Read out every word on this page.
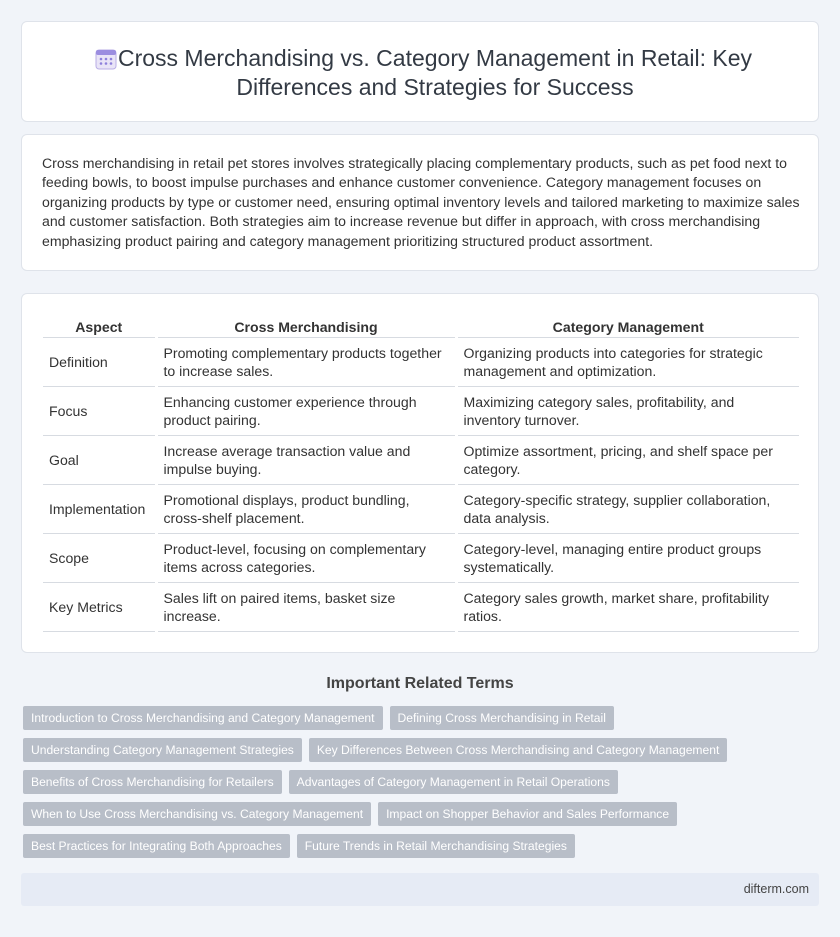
Cross Merchandising vs. Category Management in Retail: Key Differences and Strategies for Success

Cross merchandising in retail pet stores involves strategically placing complementary products, such as pet food next to feeding bowls, to boost impulse purchases and enhance customer convenience. Category management focuses on organizing products by type or customer need, ensuring optimal inventory levels and tailored marketing to maximize sales and customer satisfaction. Both strategies aim to increase revenue but differ in approach, with cross merchandising emphasizing product pairing and category management prioritizing structured product assortment.

Aspect	Cross Merchandising	Category Management
Definition	Promoting complementary products together to increase sales.	Organizing products into categories for strategic management and optimization.
Focus	Enhancing customer experience through product pairing.	Maximizing category sales, profitability, and inventory turnover.
Goal	Increase average transaction value and impulse buying.	Optimize assortment, pricing, and shelf space per category.
Implementation	Promotional displays, product bundling, cross-shelf placement.	Category-specific strategy, supplier collaboration, data analysis.
Scope	Product-level, focusing on complementary items across categories.	Category-level, managing entire product groups systematically.
Key Metrics	Sales lift on paired items, basket size increase.	Category sales growth, market share, profitability ratios.
Important Related Terms
Introduction to Cross Merchandising and Category Management	Defining Cross Merchandising in Retail
Understanding Category Management Strategies	Key Differences Between Cross Merchandising and Category Management
Benefits of Cross Merchandising for Retailers	Advantages of Category Management in Retail Operations
When to Use Cross Merchandising vs. Category Management	Impact on Shopper Behavior and Sales Performance
Best Practices for Integrating Both Approaches	Future Trends in Retail Merchandising Strategies
difterm.com
